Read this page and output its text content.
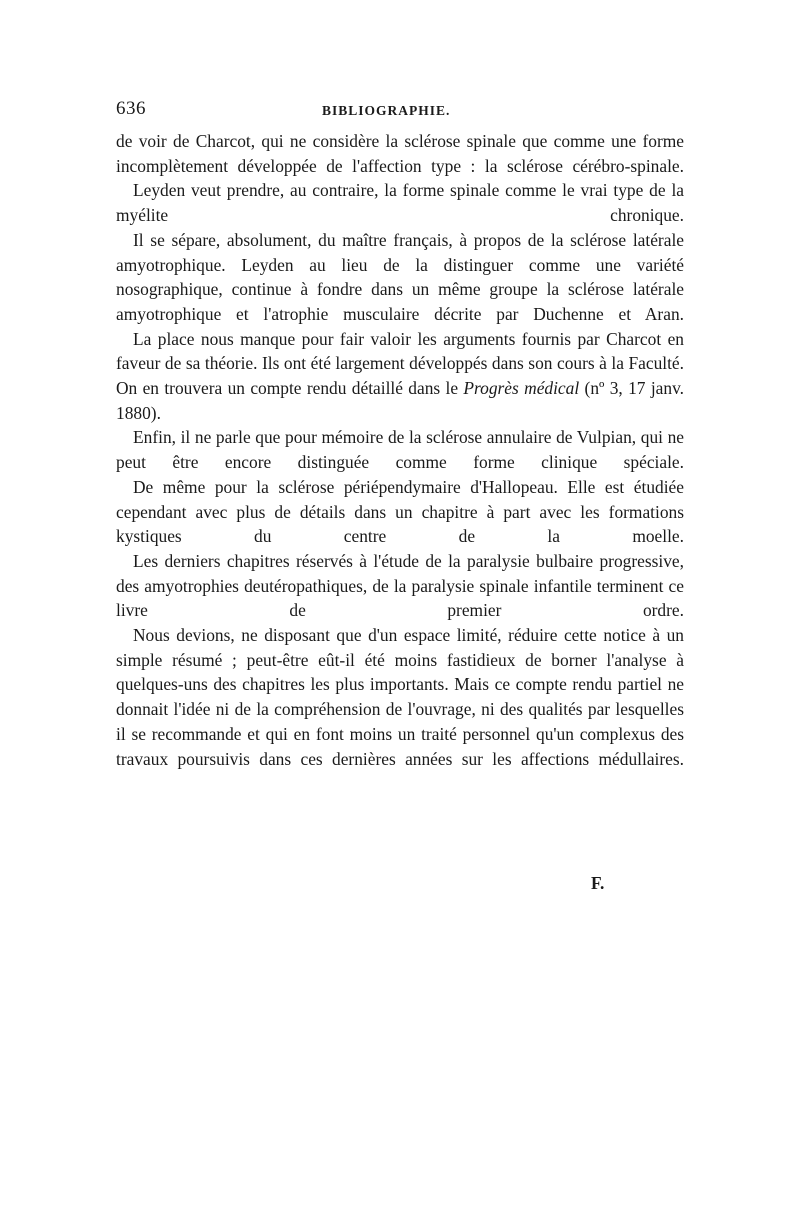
636	BIBLIOGRAPHIE.

de voir de Charcot, qui ne considère la sclérose spinale que comme une forme incomplètement développée de l'affection type : la sclérose cérébro-spinale.

Leyden veut prendre, au contraire, la forme spinale comme le vrai type de la myélite chronique.

Il se sépare, absolument, du maître français, à propos de la sclérose latérale amyotrophique. Leyden au lieu de la distinguer comme une variété nosographique, continue à fondre dans un même groupe la sclérose latérale amyotrophique et l'atrophie musculaire décrite par Duchenne et Aran.

La place nous manque pour fair valoir les arguments fournis par Charcot en faveur de sa théorie. Ils ont été largement développés dans son cours à la Faculté. On en trouvera un compte rendu détaillé dans le Progrès médical (nº 3, 17 janv. 1880).

Enfin, il ne parle que pour mémoire de la sclérose annulaire de Vulpian, qui ne peut être encore distinguée comme forme clinique spéciale.

De même pour la sclérose périépendymaire d'Hallopeau. Elle est étudiée cependant avec plus de détails dans un chapitre à part avec les formations kystiques du centre de la moelle.

Les derniers chapitres réservés à l'étude de la paralysie bulbaire progressive, des amyotrophies deutéropathiques, de la paralysie spinale infantile terminent ce livre de premier ordre.

Nous devions, ne disposant que d'un espace limité, réduire cette notice à un simple résumé ; peut-être eût-il été moins fastidieux de borner l'analyse à quelques-uns des chapitres les plus importants. Mais ce compte rendu partiel ne donnait l'idée ni de la compréhension de l'ouvrage, ni des qualités par lesquelles il se recommande et qui en font moins un traité personnel qu'un complexus des travaux poursuivis dans ces dernières années sur les affections médullaires.

F.
